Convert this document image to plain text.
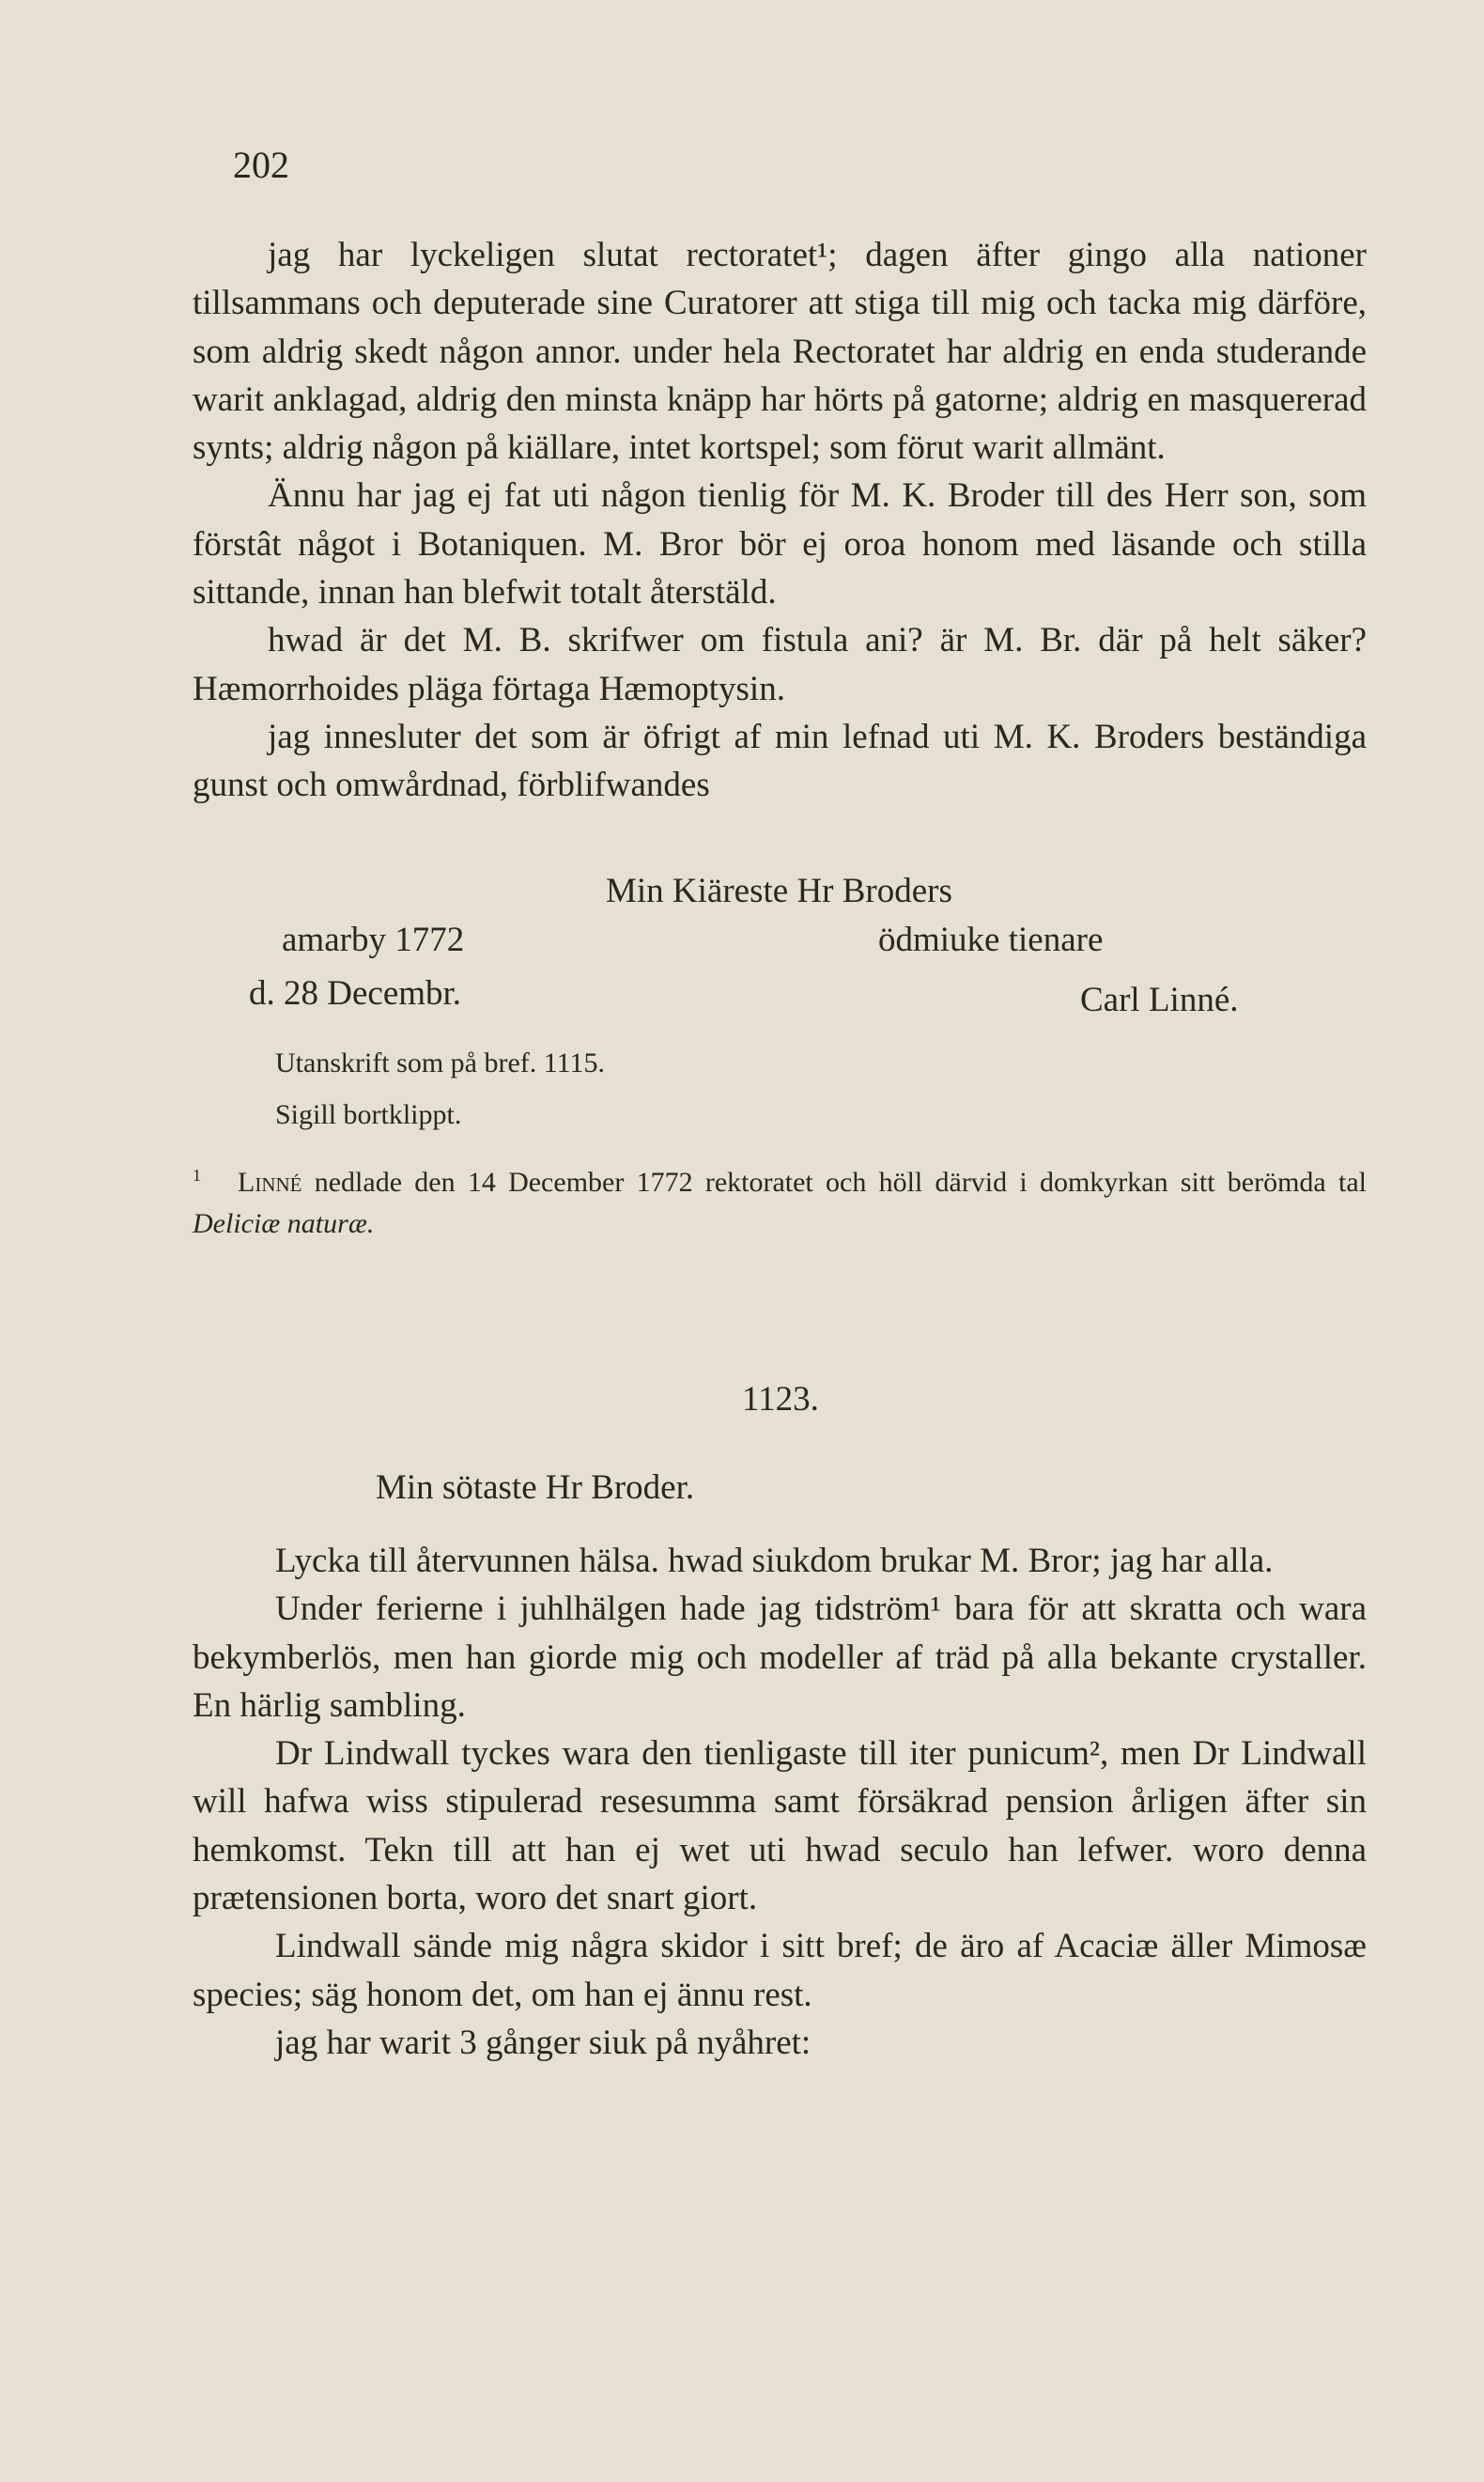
202

jag har lyckeligen slutat rectoratet¹; dagen äfter gingo alla nationer tillsammans och deputerade sine Curatorer att stiga till mig och tacka mig därföre, som aldrig skedt någon annor. under hela Rectoratet har aldrig en enda studerande warit anklagad, aldrig den minsta knäpp har hörts på gatorne; aldrig en masquererad synts; aldrig någon på kiällare, intet kortspel; som förut warit allmänt.

Ännu har jag ej fat uti någon tienlig för M. K. Broder till des Herr son, som förstât något i Botaniquen. M. Bror bör ej oroa honom med läsande och stilla sittande, innan han blefwit totalt återstäld.

hwad är det M. B. skrifwer om fistula ani? är M. Br. där på helt säker? Hæmorrhoides pläga förtaga Hæmoptysin.

jag innesluter det som är öfrigt af min lefnad uti M. K. Broders beständiga gunst och omwårdnad, förblifwandes

Min Kiäreste Hr Broders
amarby 1772	ödmiuke tienare
d. 28 Decembr.	Carl Linné.
Utanskrift som på bref. 1115.
Sigill bortklippt.
$^1$ Linné nedlade den 14 December 1772 rektoratet och höll därvid i domkyrkan sitt berömda tal Deliciæ naturæ.
1123.
Min sötaste Hr Broder.

Lycka till återvunnen hälsa. hwad siukdom brukar M. Bror; jag har alla.

Under ferierne i juhlhälgen hade jag tidström¹ bara för att skratta och wara bekymberlös, men han giorde mig och modeller af träd på alla bekante crystaller. En härlig sambling.

Dr Lindwall tyckes wara den tienligaste till iter punicum², men Dr Lindwall will hafwa wiss stipulerad resesumma samt försäkrad pension årligen äfter sin hemkomst. Tekn till att han ej wet uti hwad seculo han lefwer. woro denna prætensionen borta, woro det snart giort.

Lindwall sände mig några skidor i sitt bref; de äro af Acaciæ äller Mimosæ species; säg honom det, om han ej ännu rest.

jag har warit 3 gånger siuk på nyåhret:
